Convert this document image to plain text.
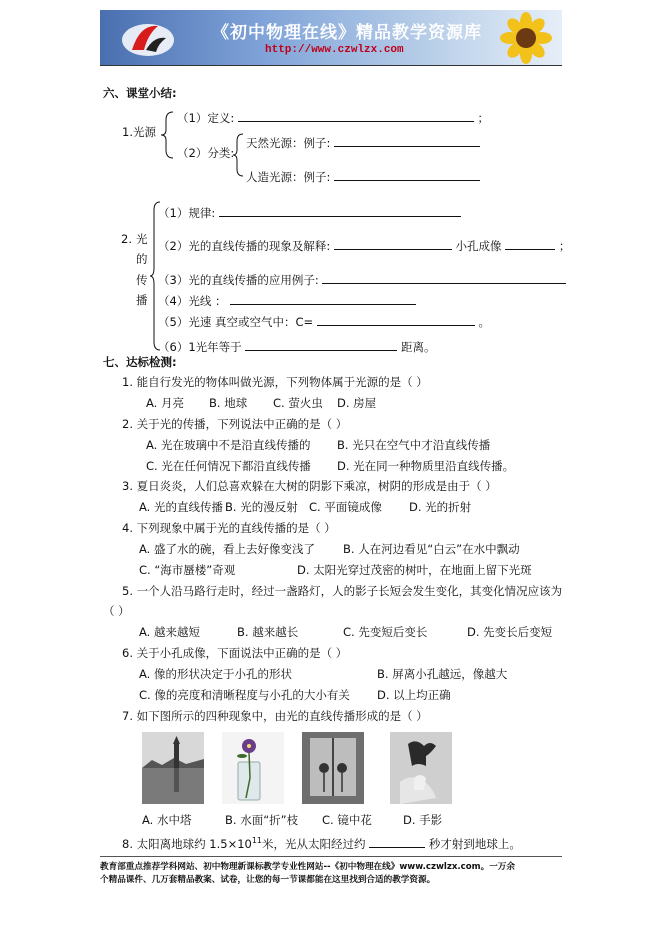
《初中物理在线》精品教学资源库
http://www.czwlzx.com
六、课堂小结:
1.光源
（1）定义:	；
（2）分类:
天然光源：例子:
人造光源：例子:
2. 光
的
传
播
（1）规律:
（2）光的直线传播的现象及解释:	小孔成像	；
（3）光的直线传播的应用例子:
（4）光线 ：
（5）光速 真空或空气中：C=	。
（6）1光年等于	距离。
七、达标检测:
1. 能自行发光的物体叫做光源，下列物体属于光源的是（ ）
A. 月亮 B. 地球 C. 萤火虫 D. 房屋
2. 关于光的传播，下列说法中正确的是（ ）
A. 光在玻璃中不是沿直线传播的 B. 光只在空气中才沿直线传播
C. 光在任何情况下都沿直线传播 D. 光在同一种物质里沿直线传播。
3. 夏日炎炎，人们总喜欢躲在大树的阴影下乘凉，树阴的形成是由于（ ）
A. 光的直线传播 B. 光的漫反射 C. 平面镜成像 D. 光的折射
4. 下列现象中属于光的直线传播的是（ ）
A. 盛了水的碗，看上去好像变浅了 B. 人在河边看见“白云”在水中飘动
C. “海市蜃楼”奇观	D. 太阳光穿过茂密的树叶，在地面上留下光斑
5. 一个人沿马路行走时，经过一盏路灯，人的影子长短会发生变化，其变化情况应该为
（ ）
A. 越来越短	B. 越来越长	C. 先变短后变长	D. 先变长后变短
6. 关于小孔成像，下面说法中正确的是（ ）
A. 像的形状决定于小孔的形状	B. 屏离小孔越远，像越大
C. 像的亮度和清晰程度与小孔的大小有关 D. 以上均正确
7. 如下图所示的四种现象中，由光的直线传播形成的是（ ）
A. 水中塔	B. 水面“折”枝 C. 镜中花	D. 手影
8. 太阳离地球约 $1.5\times 10^{11}$米，光从太阳经过约	秒才射到地球上。
教育部重点推荐学科网站、初中物理新课标教学专业性网站--《初中物理在线》www.czwlzx.com。一万余
个精品课件、几万套精品教案、试卷，让您的每一节课都能在这里找到合适的教学资源。
